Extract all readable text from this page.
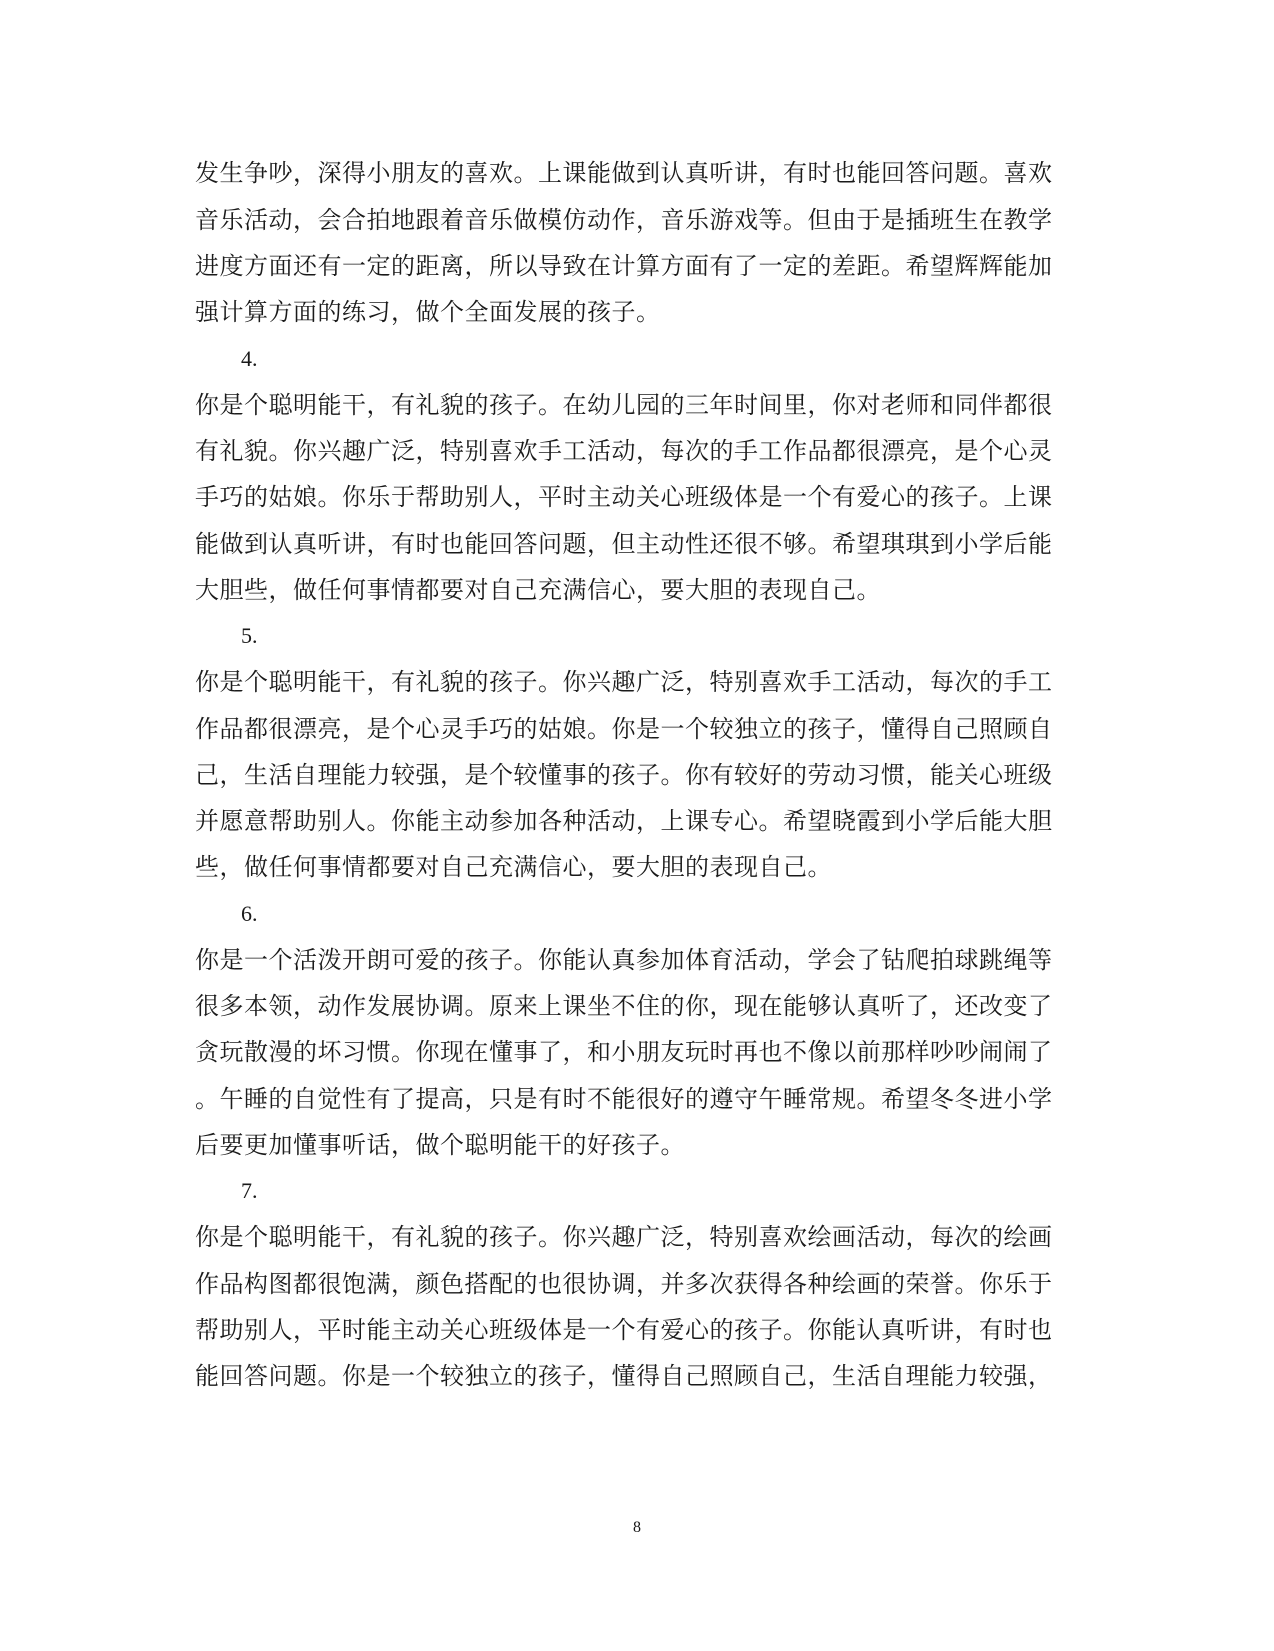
发生争吵，深得小朋友的喜欢。上课能做到认真听讲，有时也能回答问题。喜欢
音乐活动，会合拍地跟着音乐做模仿动作，音乐游戏等。但由于是插班生在教学
进度方面还有一定的距离，所以导致在计算方面有了一定的差距。希望辉辉能加
强计算方面的练习，做个全面发展的孩子。
4.
你是个聪明能干，有礼貌的孩子。在幼儿园的三年时间里，你对老师和同伴都很
有礼貌。你兴趣广泛，特别喜欢手工活动，每次的手工作品都很漂亮，是个心灵
手巧的姑娘。你乐于帮助别人，平时主动关心班级体是一个有爱心的孩子。上课
能做到认真听讲，有时也能回答问题，但主动性还很不够。希望琪琪到小学后能
大胆些，做任何事情都要对自己充满信心，要大胆的表现自己。
5.
你是个聪明能干，有礼貌的孩子。你兴趣广泛，特别喜欢手工活动，每次的手工
作品都很漂亮，是个心灵手巧的姑娘。你是一个较独立的孩子，懂得自己照顾自
己，生活自理能力较强，是个较懂事的孩子。你有较好的劳动习惯，能关心班级
并愿意帮助别人。你能主动参加各种活动，上课专心。希望晓霞到小学后能大胆
些，做任何事情都要对自己充满信心，要大胆的表现自己。
6.
你是一个活泼开朗可爱的孩子。你能认真参加体育活动，学会了钻爬拍球跳绳等
很多本领，动作发展协调。原来上课坐不住的你，现在能够认真听了，还改变了
贪玩散漫的坏习惯。你现在懂事了，和小朋友玩时再也不像以前那样吵吵闹闹了
。午睡的自觉性有了提高，只是有时不能很好的遵守午睡常规。希望冬冬进小学
后要更加懂事听话，做个聪明能干的好孩子。
7.
你是个聪明能干，有礼貌的孩子。你兴趣广泛，特别喜欢绘画活动，每次的绘画
作品构图都很饱满，颜色搭配的也很协调，并多次获得各种绘画的荣誉。你乐于
帮助别人，平时能主动关心班级体是一个有爱心的孩子。你能认真听讲，有时也
能回答问题。你是一个较独立的孩子，懂得自己照顾自己，生活自理能力较强，
8
